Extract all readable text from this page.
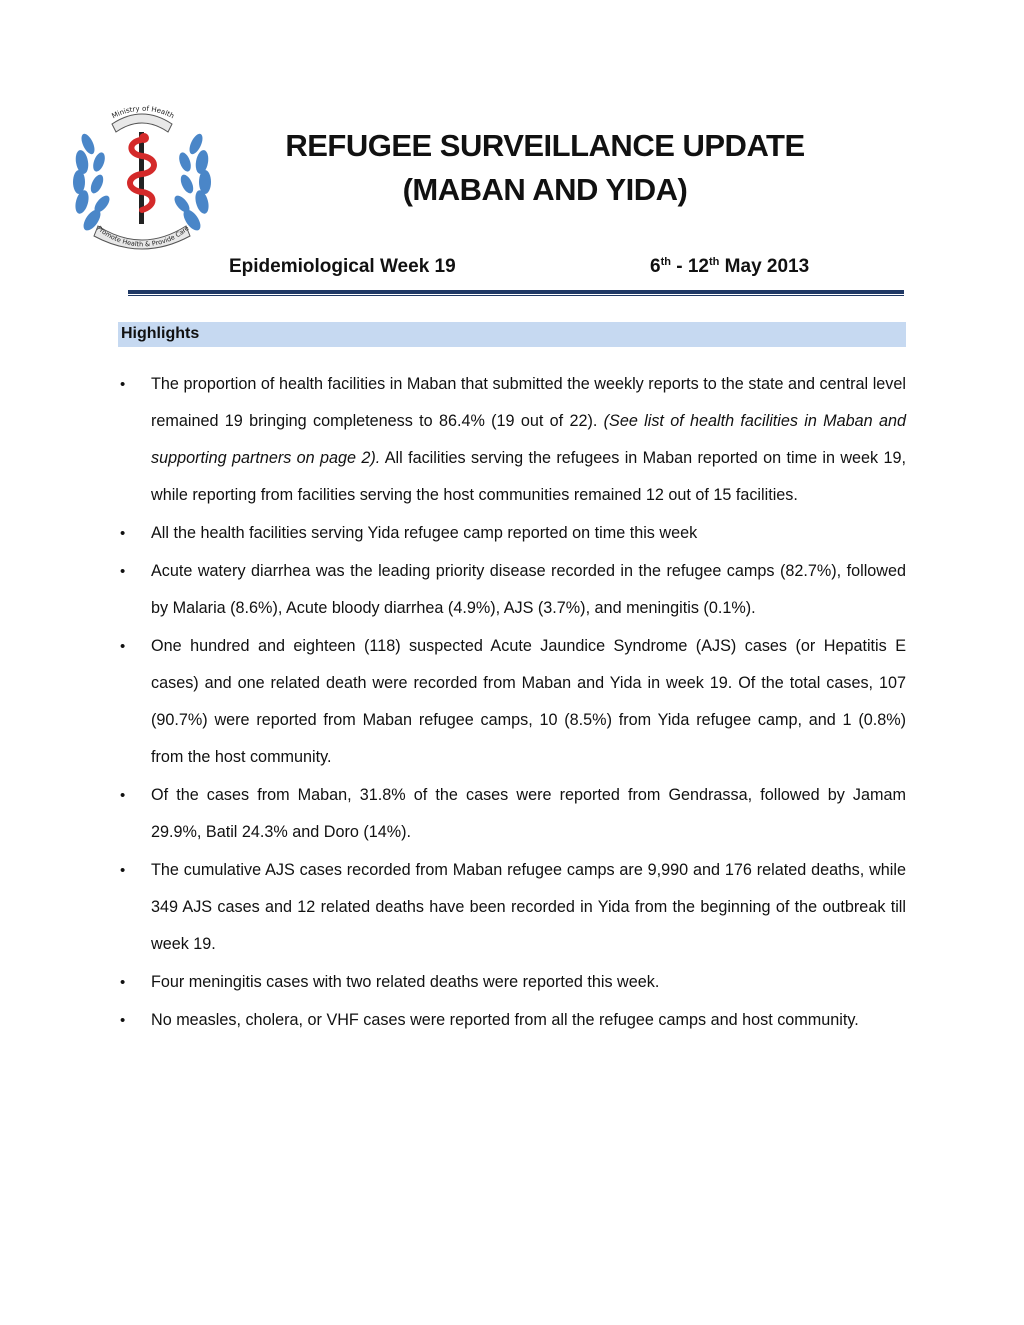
Ministry of Health
Promote Health & Provide Care
REFUGEE SURVEILLANCE UPDATE
(MABAN AND YIDA)
Epidemiological Week 19	6th - 12th May 2013
Highlights
• The proportion of health facilities in Maban that submitted the weekly reports to the state and central level remained 19 bringing completeness to 86.4% (19 out of 22). (See list of health facilities in Maban and supporting partners on page 2). All facilities serving the refugees in Maban reported on time in week 19, while reporting from facilities serving the host communities remained 12 out of 15 facilities.
• All the health facilities serving Yida refugee camp reported on time this week
• Acute watery diarrhea was the leading priority disease recorded in the refugee camps (82.7%), followed by Malaria (8.6%), Acute bloody diarrhea (4.9%), AJS (3.7%), and meningitis (0.1%).
• One hundred and eighteen (118) suspected Acute Jaundice Syndrome (AJS) cases (or Hepatitis E cases) and one related death were recorded from Maban and Yida in week 19. Of the total cases, 107 (90.7%) were reported from Maban refugee camps, 10 (8.5%) from Yida refugee camp, and 1 (0.8%) from the host community.
• Of the cases from Maban, 31.8% of the cases were reported from Gendrassa, followed by Jamam 29.9%, Batil 24.3% and Doro (14%).
• The cumulative AJS cases recorded from Maban refugee camps are 9,990 and 176 related deaths, while 349 AJS cases and 12 related deaths have been recorded in Yida from the beginning of the outbreak till week 19.
• Four meningitis cases with two related deaths were reported this week.
• No measles, cholera, or VHF cases were reported from all the refugee camps and host community.
